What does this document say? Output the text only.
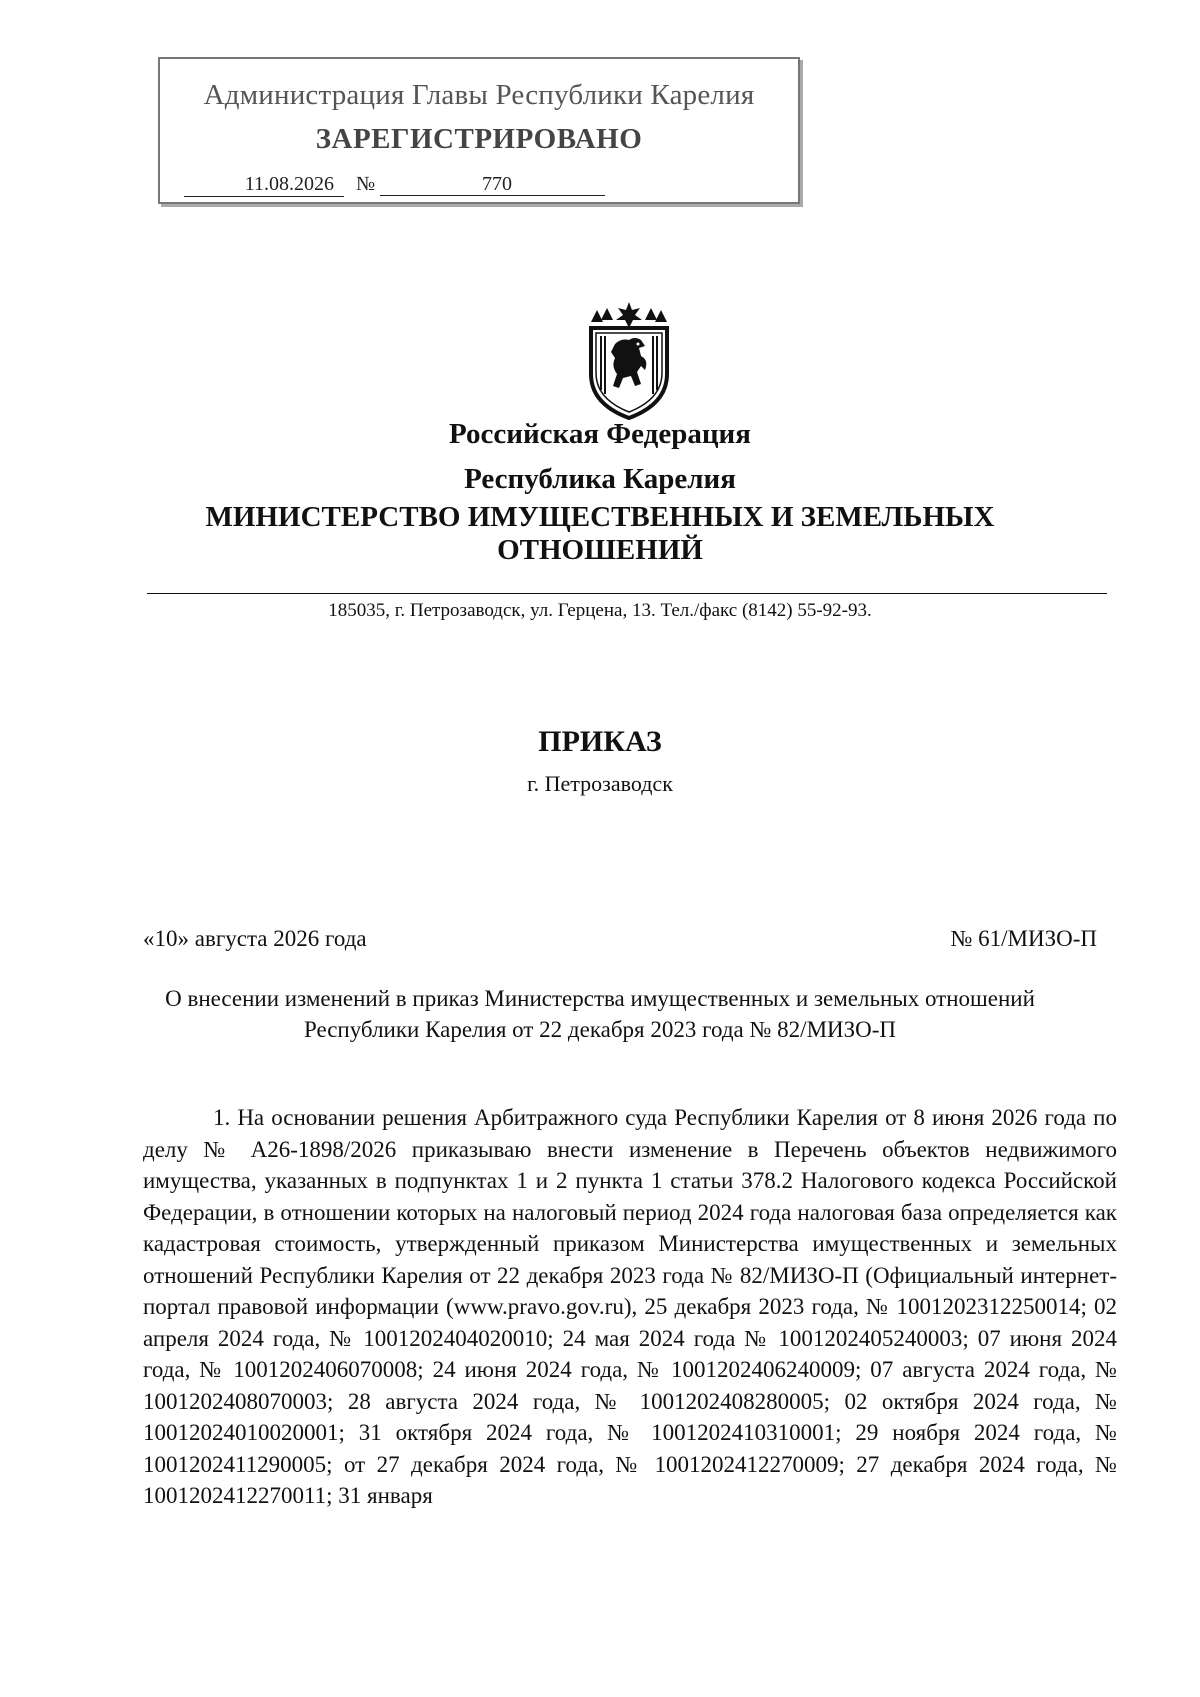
Администрация Главы Республики Карелия
ЗАРЕГИСТРИРОВАНО
11.08.2026	№	770
Российская Федерация
Республика Карелия
МИНИСТЕРСТВО ИМУЩЕСТВЕННЫХ И ЗЕМЕЛЬНЫХ
ОТНОШЕНИЙ
185035, г. Петрозаводск, ул. Герцена, 13. Тел./факс (8142) 55-92-93.
ПРИКАЗ
г. Петрозаводск
«10» августа 2026 года	№ 61/МИЗО-П
О внесении изменений в приказ Министерства имущественных и земельных отношений Республики Карелия от 22 декабря 2023 года № 82/МИЗО-П
1. На основании решения Арбитражного суда Республики Карелия от 8 июня 2026 года по делу № А26-1898/2026 приказываю внести изменение в Перечень объектов недвижимого имущества, указанных в подпунктах 1 и 2 пункта 1 статьи 378.2 Налогового кодекса Российской Федерации, в отношении которых на налоговый период 2024 года налоговая база определяется как кадастровая стоимость, утвержденный приказом Министерства имущественных и земельных отношений Республики Карелия от 22 декабря 2023 года № 82/МИЗО-П (Официальный интернет-портал правовой информации (www.pravo.gov.ru), 25 декабря 2023 года, № 1001202312250014; 02 апреля 2024 года, № 1001202404020010; 24 мая 2024 года № 1001202405240003; 07 июня 2024 года, № 1001202406070008; 24 июня 2024 года, № 1001202406240009; 07 августа 2024 года, № 1001202408070003; 28 августа 2024 года, № 1001202408280005; 02 октября 2024 года, № 10012024010020001; 31 октября 2024 года, № 1001202410310001; 29 ноября 2024 года, № 1001202411290005; от 27 декабря 2024 года, № 1001202412270009; 27 декабря 2024 года, № 1001202412270011; 31 января
